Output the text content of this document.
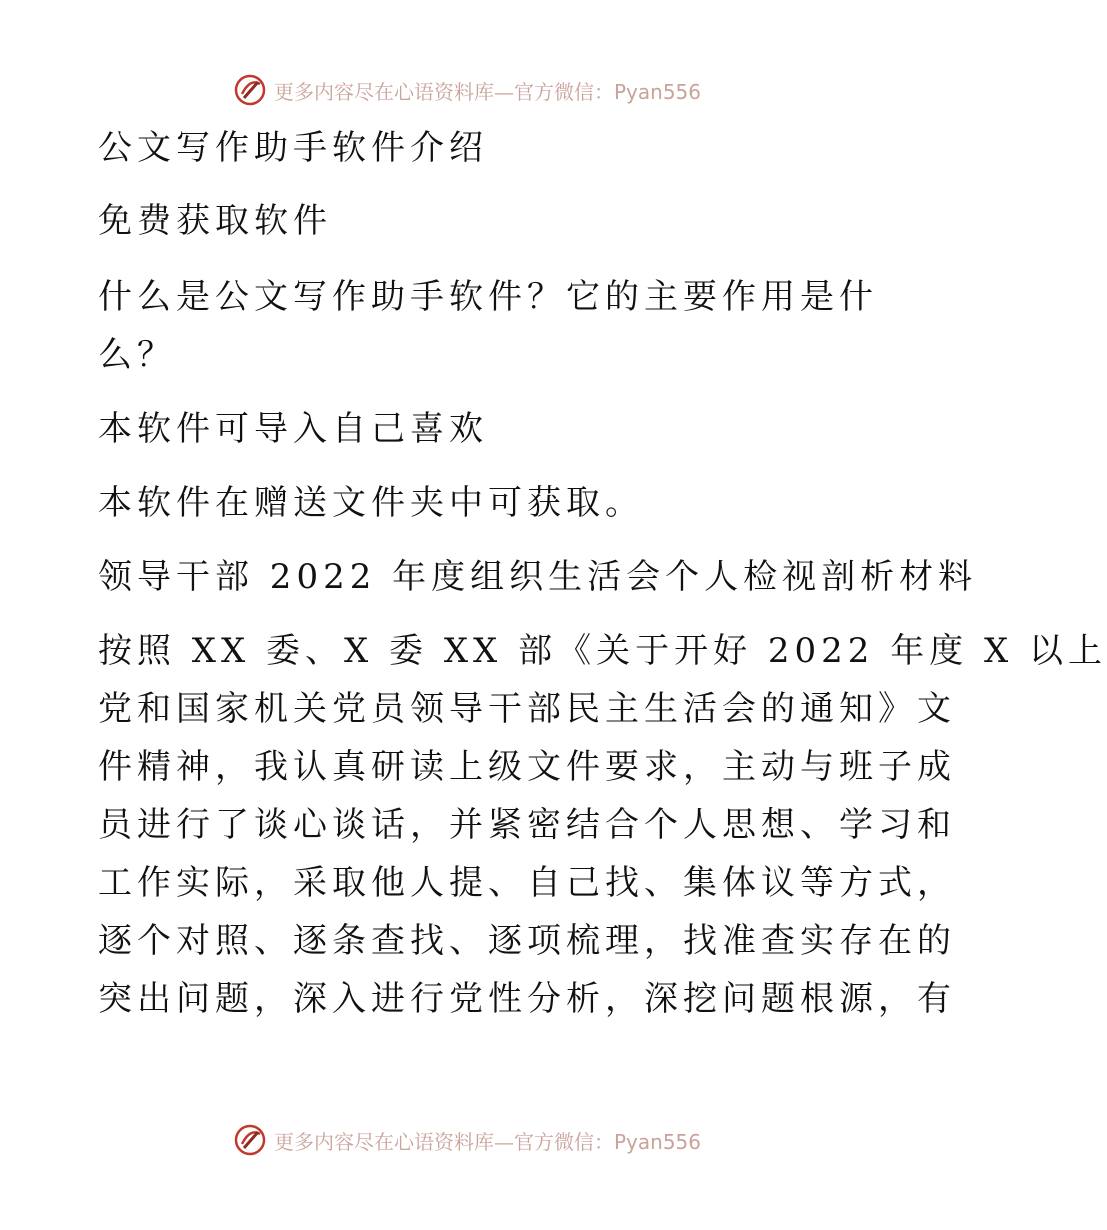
更多内容尽在心语资料库—官方微信：Pyan556
公文写作助手软件介绍
免费获取软件
什么是公文写作助手软件？它的主要作用是什
么？
本软件可导入自己喜欢
本软件在赠送文件夹中可获取。
领导干部 2022 年度组织生活会个人检视剖析材料
按照 XX 委、X 委 XX 部《关于开好 2022 年度 X 以上
党和国家机关党员领导干部民主生活会的通知》文
件精神，我认真研读上级文件要求，主动与班子成
员进行了谈心谈话，并紧密结合个人思想、学习和
工作实际，采取他人提、自己找、集体议等方式，
逐个对照、逐条查找、逐项梳理，找准查实存在的
突出问题，深入进行党性分析，深挖问题根源，有
更多内容尽在心语资料库—官方微信：Pyan556
